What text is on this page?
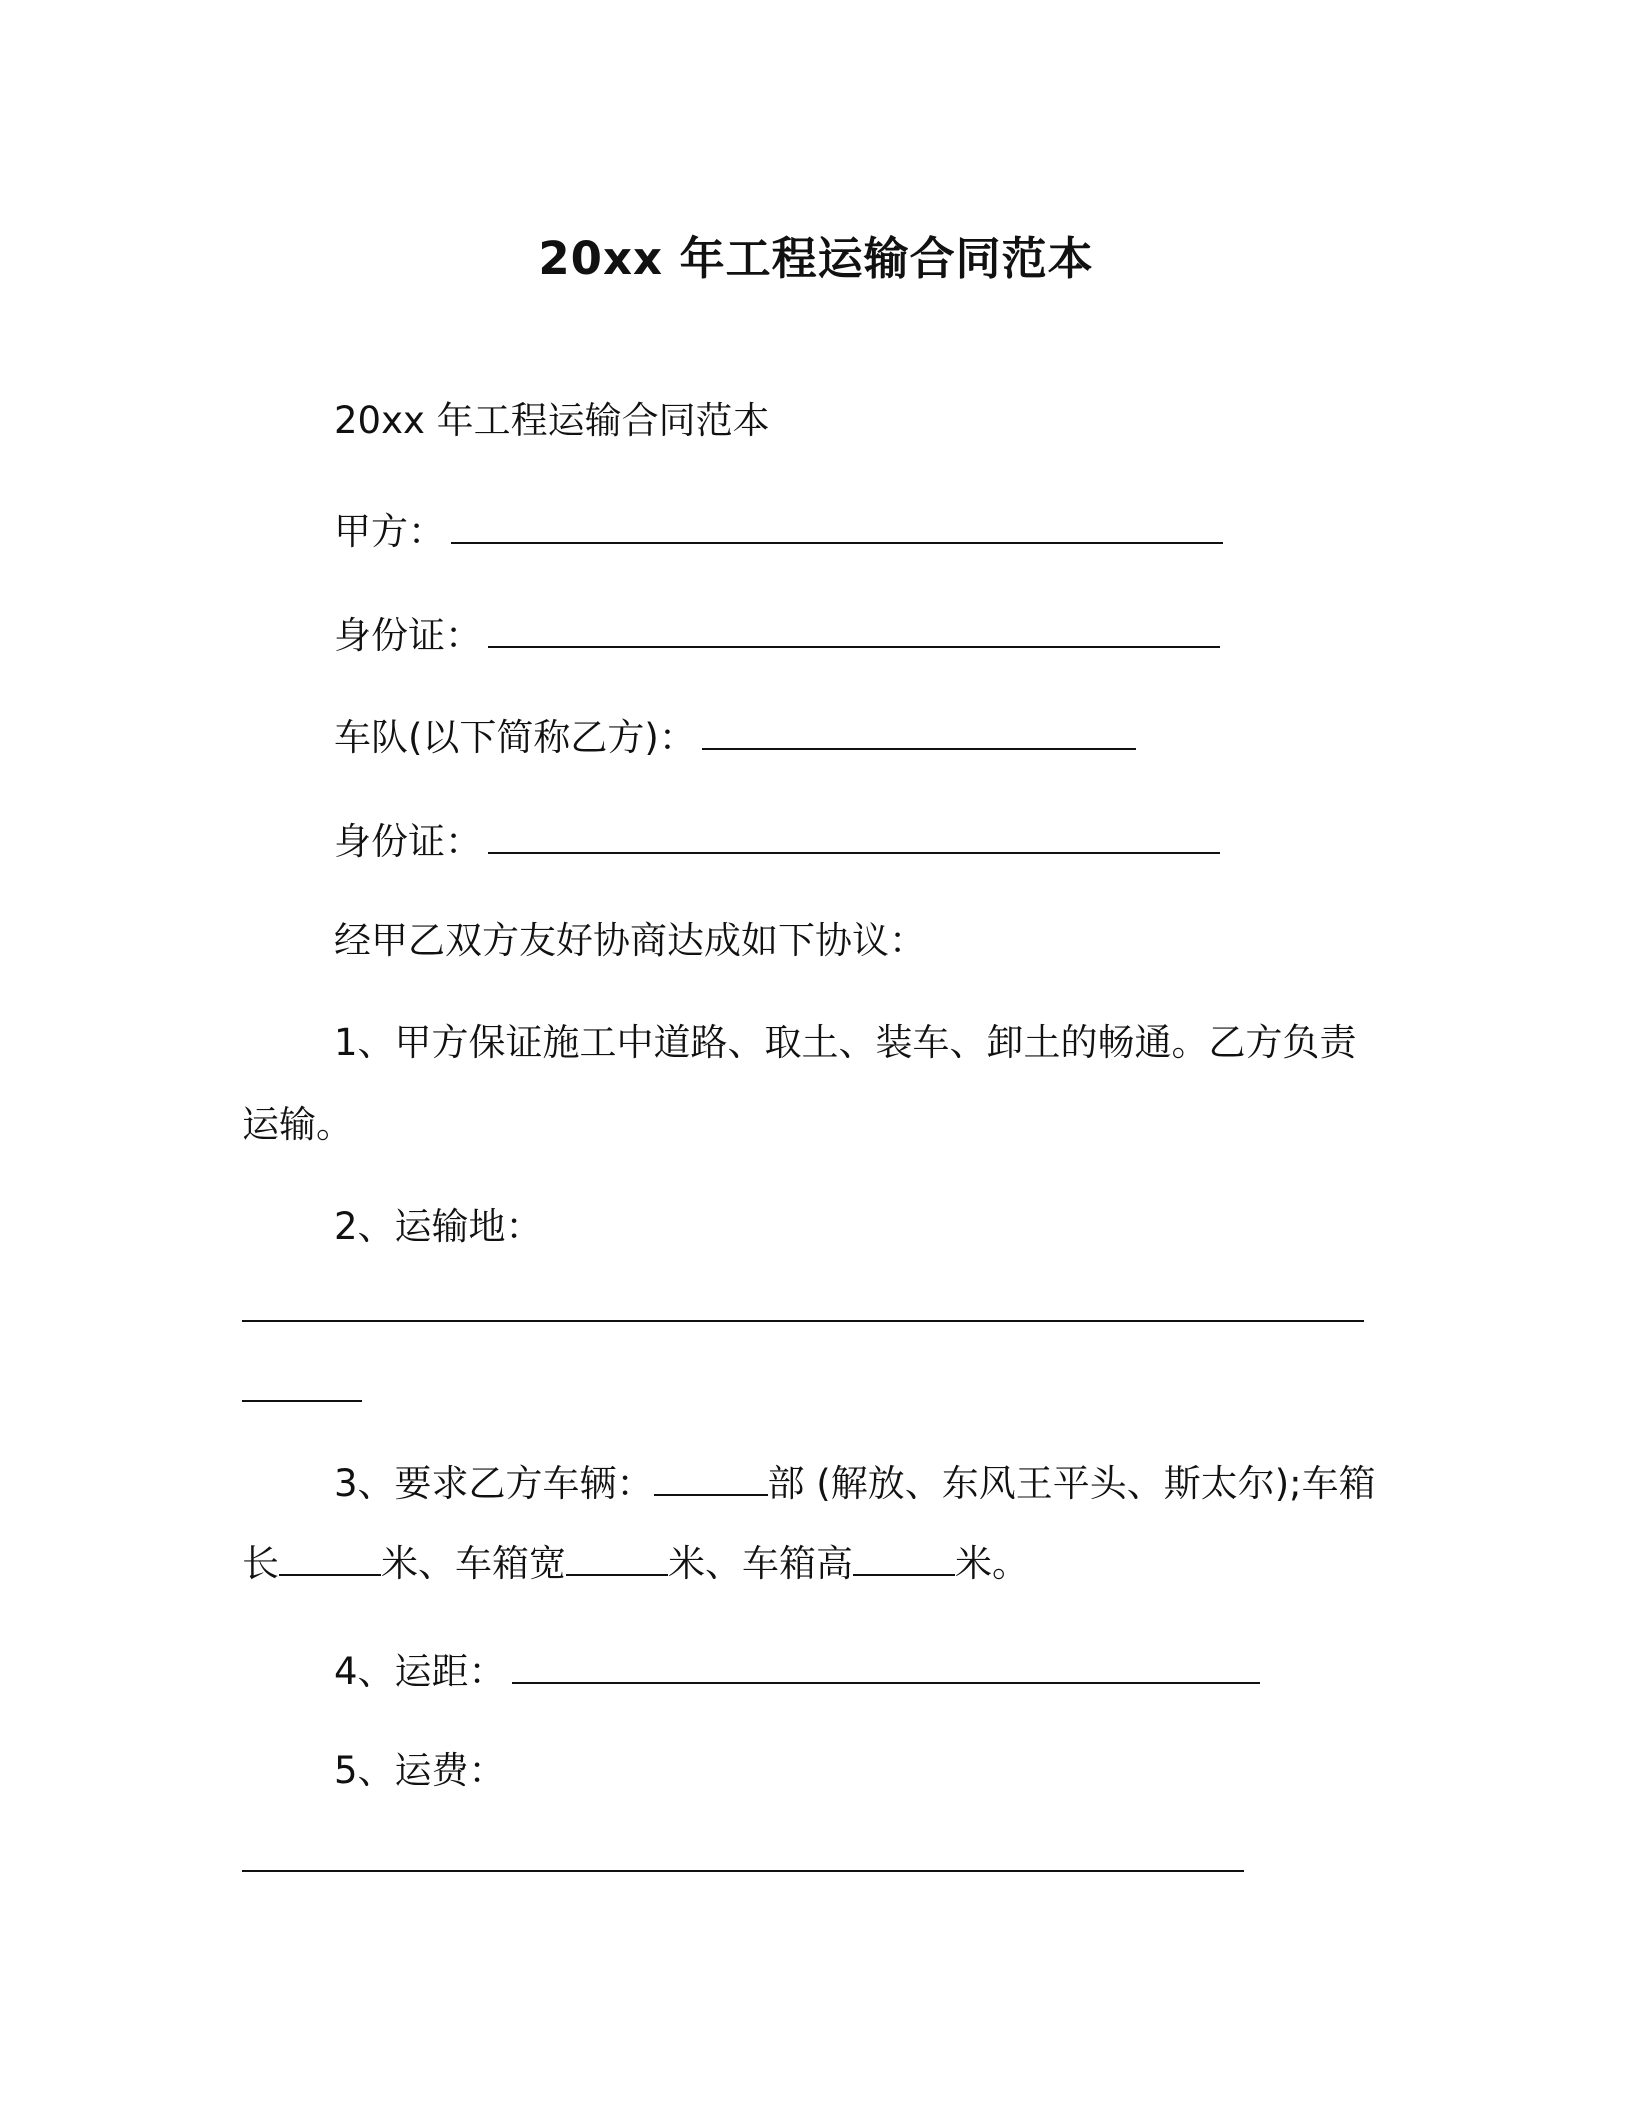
20xx 年工程运输合同范本
20xx 年工程运输合同范本
甲方：
身份证：
车队(以下简称乙方)：
身份证：
经甲乙双方友好协商达成如下协议：
1、甲方保证施工中道路、取土、装车、卸土的畅通。乙方负责
运输。
2、运输地：
3、要求乙方车辆：	部 (解放、东风王平头、斯太尔);车箱
长	米、车箱宽	米、车箱高	米。
4、运距：
5、运费：
